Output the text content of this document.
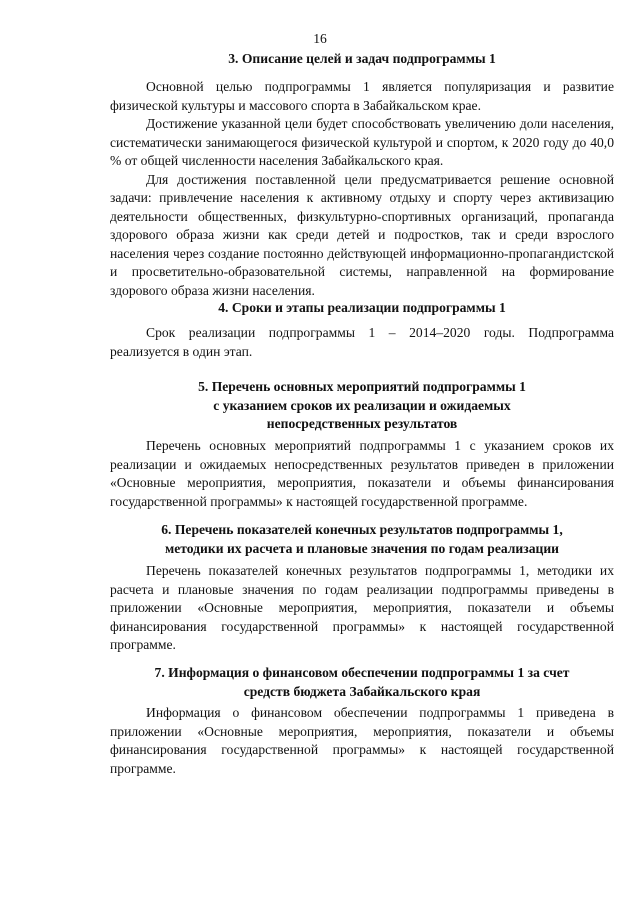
16

3. Описание целей и задач подпрограммы 1

Основной целью подпрограммы 1 является популяризация и развитие физической культуры и массового спорта в Забайкальском крае.

Достижение указанной цели будет способствовать увеличению доли населения, систематически занимающегося физической культурой и спортом, к 2020 году до 40,0 % от общей численности населения Забайкальского края.

Для достижения поставленной цели предусматривается решение основной задачи: привлечение населения к активному отдыху и спорту через активизацию деятельности общественных, физкультурно-спортивных организаций, пропаганда здорового образа жизни как среди детей и подростков, так и среди взрослого населения через создание постоянно действующей информационно-пропагандистской и просветительно-образовательной системы, направленной на формирование здорового образа жизни населения.

4. Сроки и этапы реализации подпрограммы 1

Срок реализации подпрограммы 1 – 2014–2020 годы. Подпрограмма реализуется в один этап.

5. Перечень основных мероприятий подпрограммы 1

с указанием сроков их реализации и ожидаемых

непосредственных результатов

Перечень основных мероприятий подпрограммы 1 с указанием сроков их реализации и ожидаемых непосредственных результатов приведен в приложении «Основные мероприятия, мероприятия, показатели и объемы финансирования государственной программы» к настоящей государственной программе.

6. Перечень показателей конечных результатов подпрограммы 1,

методики их расчета и плановые значения по годам реализации

Перечень показателей конечных результатов подпрограммы 1, методики их расчета и плановые значения по годам реализации подпрограммы приведены в приложении «Основные мероприятия, мероприятия, показатели и объемы финансирования государственной программы» к настоящей государственной программе.

7. Информация о финансовом обеспечении подпрограммы 1 за счет

средств бюджета Забайкальского края

Информация о финансовом обеспечении подпрограммы 1 приведена в приложении «Основные мероприятия, мероприятия, показатели и объемы финансирования государственной программы» к настоящей государственной программе.
